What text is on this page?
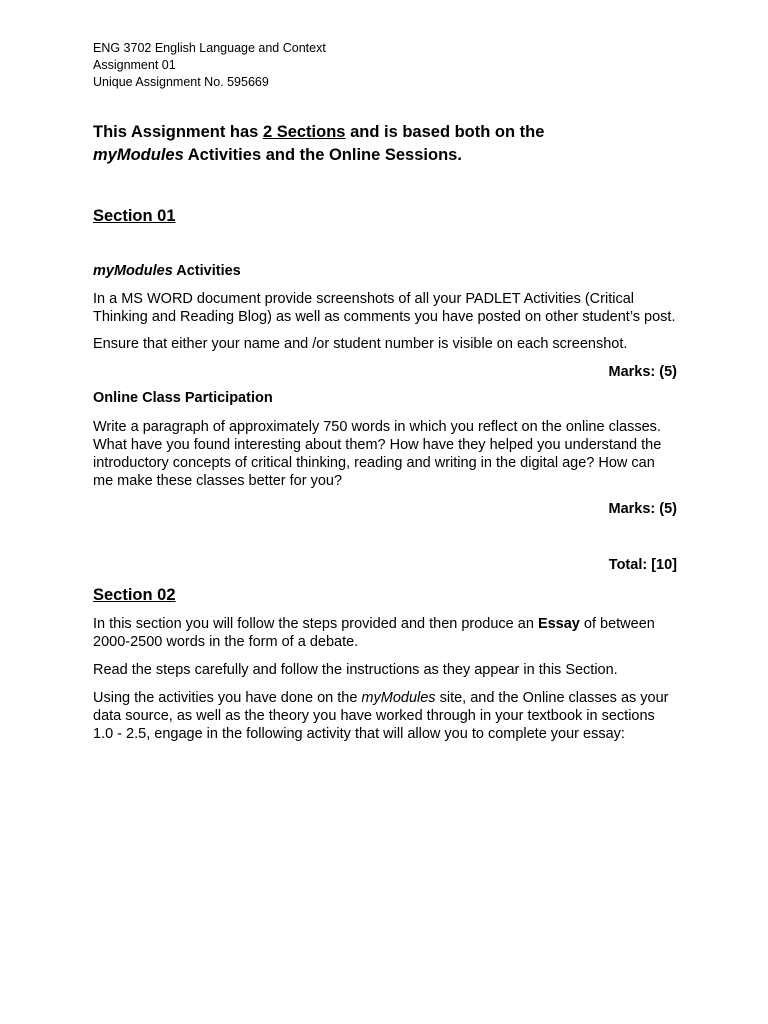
ENG 3702 English Language and Context

Assignment 01

Unique Assignment No. 595669

This Assignment has 2 Sections and is based both on the
myModules Activities and the Online Sessions.

Section 01

myModules Activities

In a MS WORD document provide screenshots of all your PADLET Activities (Critical Thinking and Reading Blog) as well as comments you have posted on other student’s post.

Ensure that either your name and /or student number is visible on each screenshot.

Marks: (5)

Online Class Participation

Write a paragraph of approximately 750 words in which you reflect on the online classes. What have you found interesting about them? How have they helped you understand the introductory concepts of critical thinking, reading and writing in the digital age? How can me make these classes better for you?

Marks: (5)

Total: [10]

Section 02

In this section you will follow the steps provided and then produce an Essay of between 2000-2500 words in the form of a debate.

Read the steps carefully and follow the instructions as they appear in this Section.

Using the activities you have done on the myModules site, and the Online classes as your data source, as well as the theory you have worked through in your textbook in sections 1.0 - 2.5, engage in the following activity that will allow you to complete your essay:
